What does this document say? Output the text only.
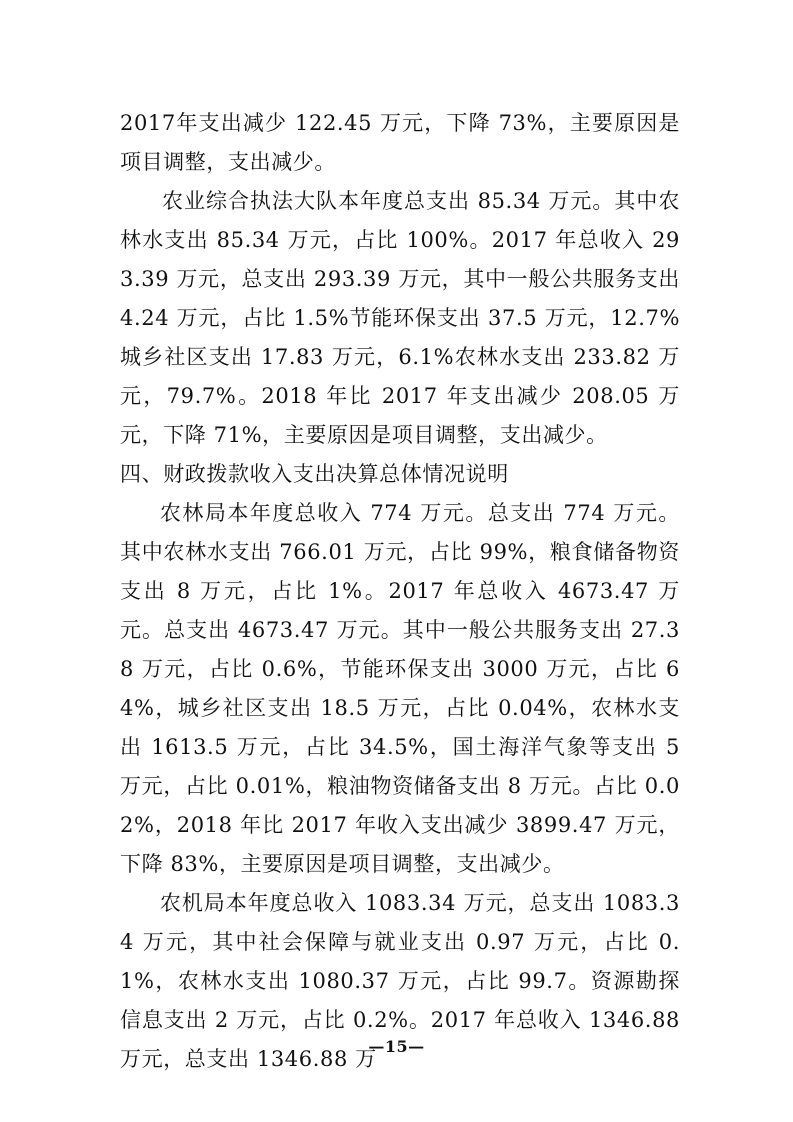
2017年支出减少 122.45 万元，下降 73%，主要原因是项目调整，支出减少。

农业综合执法大队本年度总支出 85.34 万元。其中农林水支出 85.34 万元，占比 100%。2017 年总收入 293.39 万元，总支出 293.39 万元，其中一般公共服务支出 4.24 万元，占比 1.5%节能环保支出 37.5 万元，12.7%城乡社区支出 17.83 万元，6.1%农林水支出 233.82 万元，79.7%。2018 年比 2017 年支出减少 208.05 万元，下降 71%，主要原因是项目调整，支出减少。

四、财政拨款收入支出决算总体情况说明

农林局本年度总收入 774 万元。总支出 774 万元。其中农林水支出 766.01 万元，占比 99%，粮食储备物资支出 8 万元，占比 1%。2017 年总收入 4673.47 万元。总支出 4673.47 万元。其中一般公共服务支出 27.38 万元，占比 0.6%，节能环保支出 3000 万元，占比 64%，城乡社区支出 18.5 万元，占比 0.04%，农林水支出 1613.5 万元，占比 34.5%，国土海洋气象等支出 5 万元，占比 0.01%，粮油物资储备支出 8 万元。占比 0.02%，2018 年比 2017 年收入支出减少 3899.47 万元，下降 83%，主要原因是项目调整，支出减少。

农机局本年度总收入 1083.34 万元，总支出 1083.34 万元，其中社会保障与就业支出 0.97 万元，占比 0.1%，农林水支出 1080.37 万元，占比 99.7。资源勘探信息支出 2 万元，占比 0.2%。2017 年总收入 1346.88 万元，总支出 1346.88 万

—15—
